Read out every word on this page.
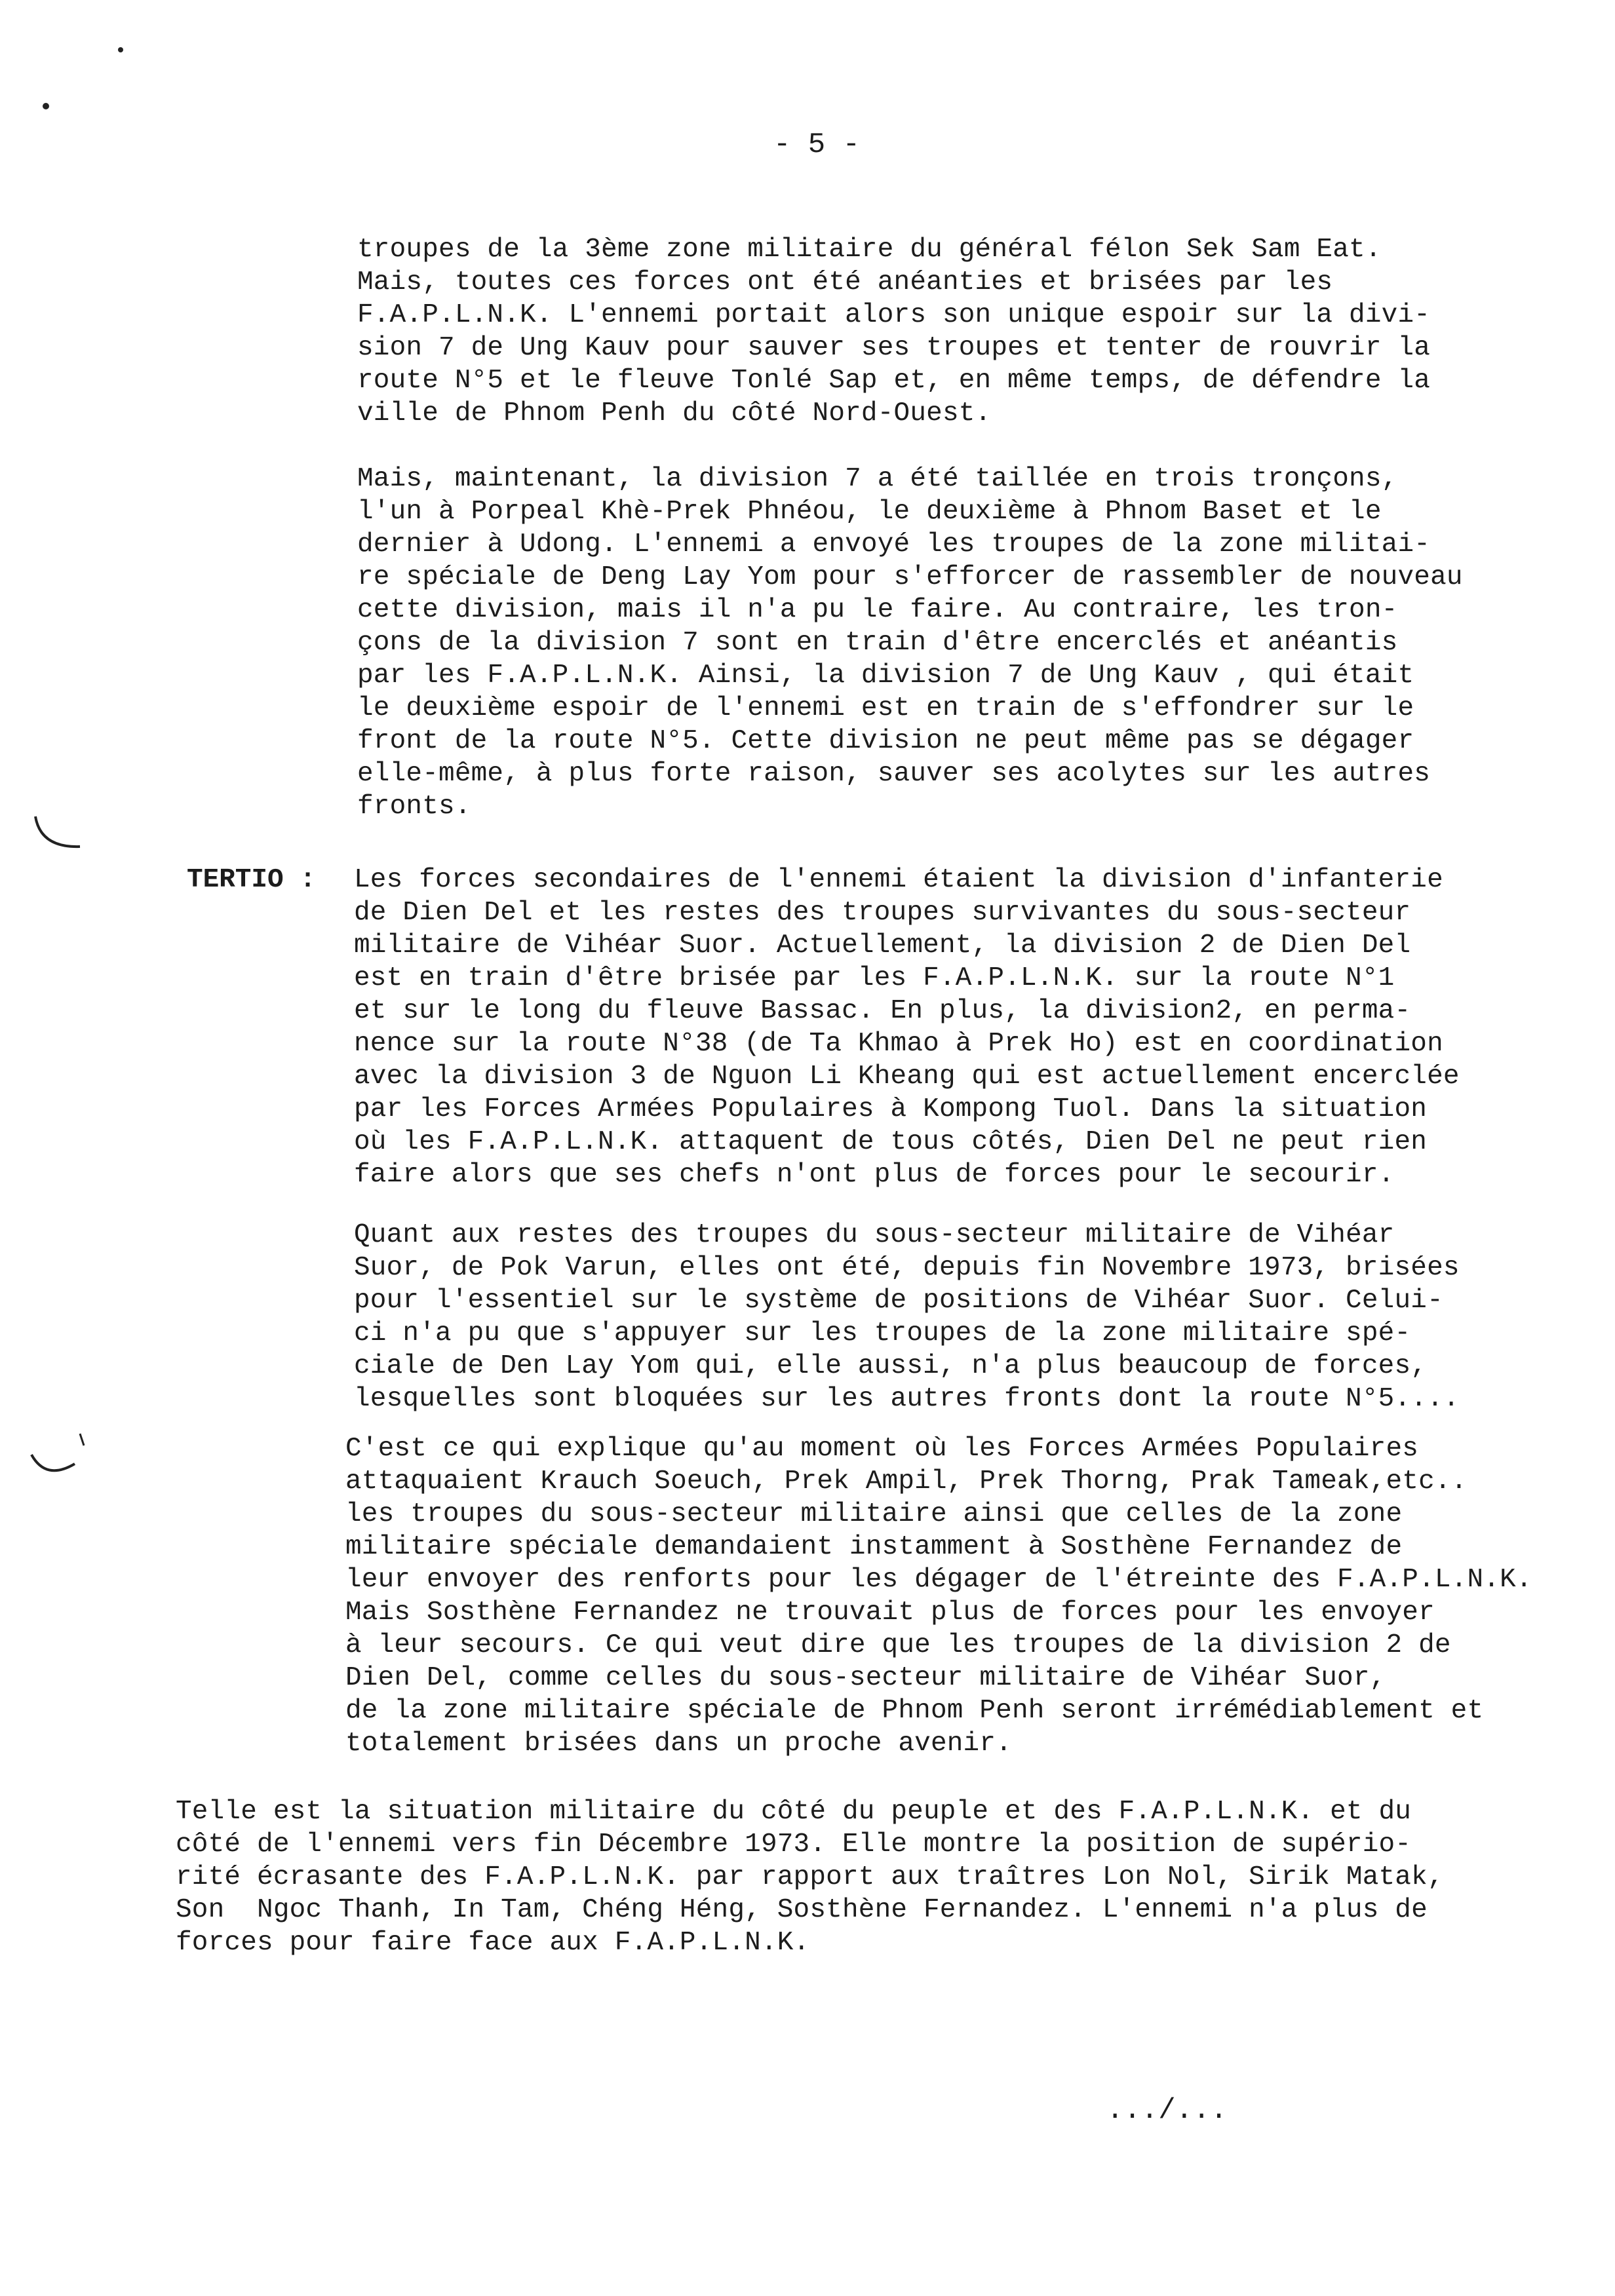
- 5 -
TERTIO :
troupes de la 3ème zone militaire du général félon Sek Sam Eat.
Mais, toutes ces forces ont été anéanties et brisées par les
F.A.P.L.N.K. L'ennemi portait alors son unique espoir sur la divi-
sion 7 de Ung Kauv pour sauver ses troupes et tenter de rouvrir la
route N°5 et le fleuve Tonlé Sap et, en même temps, de défendre la
ville de Phnom Penh du côté Nord-Ouest.
Mais, maintenant, la division 7 a été taillée en trois tronçons,
l'un à Porpeal Khè-Prek Phnéou, le deuxième à Phnom Baset et le
dernier à Udong. L'ennemi a envoyé les troupes de la zone militai-
re spéciale de Deng Lay Yom pour s'efforcer de rassembler de nouveau
cette division, mais il n'a pu le faire. Au contraire, les tron-
çons de la division 7 sont en train d'être encerclés et anéantis
par les F.A.P.L.N.K. Ainsi, la division 7 de Ung Kauv , qui était
le deuxième espoir de l'ennemi est en train de s'effondrer sur le
front de la route N°5. Cette division ne peut même pas se dégager
elle-même, à plus forte raison, sauver ses acolytes sur les autres
fronts.
Les forces secondaires de l'ennemi étaient la division d'infanterie
de Dien Del et les restes des troupes survivantes du sous-secteur
militaire de Vihéar Suor. Actuellement, la division 2 de Dien Del
est en train d'être brisée par les F.A.P.L.N.K. sur la route N°1
et sur le long du fleuve Bassac. En plus, la division2, en perma-
nence sur la route N°38 (de Ta Khmao à Prek Ho) est en coordination
avec la division 3 de Nguon Li Kheang qui est actuellement encerclée
par les Forces Armées Populaires à Kompong Tuol. Dans la situation
où les F.A.P.L.N.K. attaquent de tous côtés, Dien Del ne peut rien
faire alors que ses chefs n'ont plus de forces pour le secourir.
Quant aux restes des troupes du sous-secteur militaire de Vihéar
Suor, de Pok Varun, elles ont été, depuis fin Novembre 1973, brisées
pour l'essentiel sur le système de positions de Vihéar Suor. Celui-
ci n'a pu que s'appuyer sur les troupes de la zone militaire spé-
ciale de Den Lay Yom qui, elle aussi, n'a plus beaucoup de forces,
lesquelles sont bloquées sur les autres fronts dont la route N°5....
C'est ce qui explique qu'au moment où les Forces Armées Populaires
attaquaient Krauch Soeuch, Prek Ampil, Prek Thorng, Prak Tameak,etc..
les troupes du sous-secteur militaire ainsi que celles de la zone
militaire spéciale demandaient instamment à Sosthène Fernandez de
leur envoyer des renforts pour les dégager de l'étreinte des F.A.P.L.N.K.
Mais Sosthène Fernandez ne trouvait plus de forces pour les envoyer
à leur secours. Ce qui veut dire que les troupes de la division 2 de
Dien Del, comme celles du sous-secteur militaire de Vihéar Suor,
de la zone militaire spéciale de Phnom Penh seront irrémédiablement et
totalement brisées dans un proche avenir.
Telle est la situation militaire du côté du peuple et des F.A.P.L.N.K. et du
côté de l'ennemi vers fin Décembre 1973. Elle montre la position de supério-
rité écrasante des F.A.P.L.N.K. par rapport aux traîtres Lon Nol, Sirik Matak,
Son  Ngoc Thanh, In Tam, Chéng Héng, Sosthène Fernandez. L'ennemi n'a plus de
forces pour faire face aux F.A.P.L.N.K.
.../...
